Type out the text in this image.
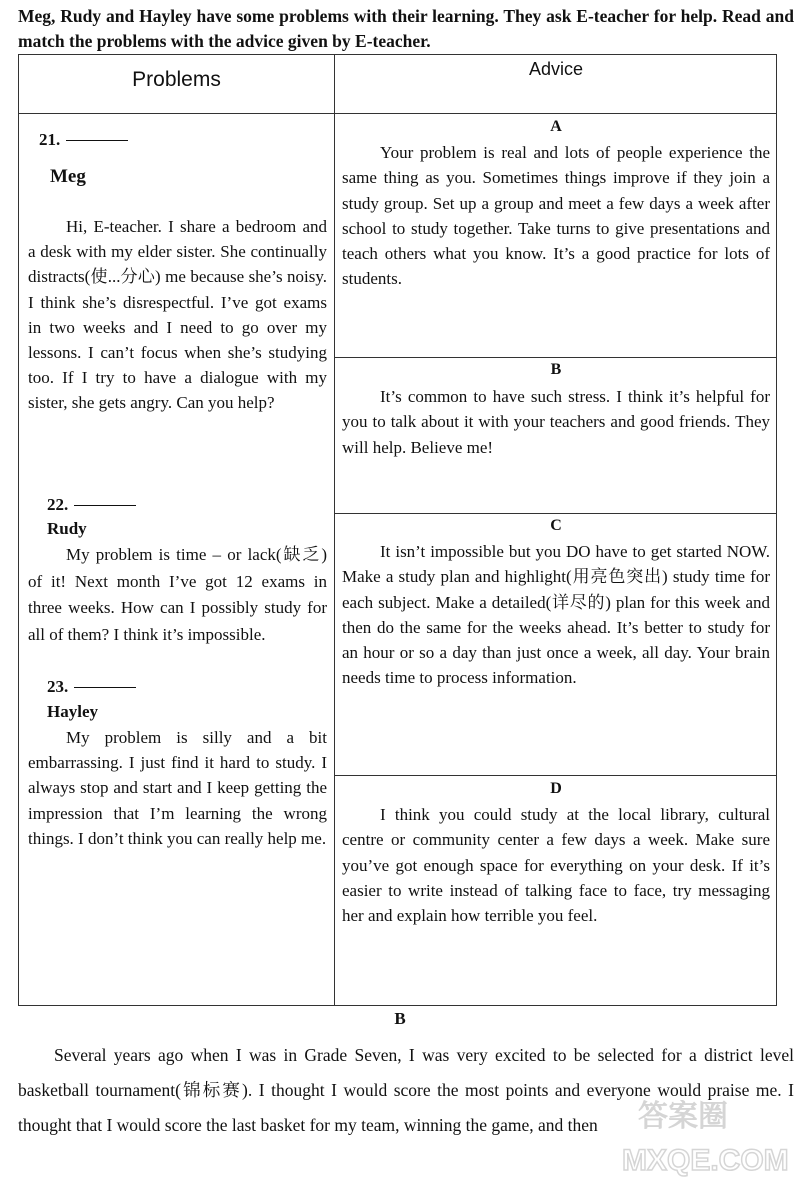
Meg, Rudy and Hayley have some problems with their learning. They ask E-teacher for help. Read and match the problems with the advice given by E-teacher.
Problems	Advice
21.
Meg
Hi, E-teacher. I share a bedroom and a desk with my elder sister. She continually distracts(使...分心) me because she’s noisy. I think she’s disrespectful. I’ve got exams in two weeks and I need to go over my lessons. I can’t focus when she’s studying too. If I try to have a dialogue with my sister, she gets angry. Can you help?
22.
Rudy
My problem is time – or lack(缺乏) of it! Next month I’ve got 12 exams in three weeks. How can I possibly study for all of them? I think it’s impossible.
23.
Hayley
My problem is silly and a bit embarrassing. I just find it hard to study. I always stop and start and I keep getting the impression that I’m learning the wrong things. I don’t think you can really help me.
A
Your problem is real and lots of people experience the same thing as you. Sometimes things improve if they join a study group. Set up a group and meet a few days a week after school to study together. Take turns to give presentations and teach others what you know. It’s a good practice for lots of students.
B
It’s common to have such stress. I think it’s helpful for you to talk about it with your teachers and good friends. They will help. Believe me!
C
It isn’t impossible but you DO have to get started NOW. Make a study plan and highlight(用亮色突出) study time for each subject. Make a detailed(详尽的) plan for this week and then do the same for the weeks ahead. It’s better to study for an hour or so a day than just once a week, all day. Your brain needs time to process information.
D
I think you could study at the local library, cultural centre or community center a few days a week. Make sure you’ve got enough space for everything on your desk. If it’s easier to write instead of talking face to face, try messaging her and explain how terrible you feel.
B
Several years ago when I was in Grade Seven, I was very excited to be selected for a district level basketball tournament(锦标赛). I thought I would score the most points and everyone would praise me. I thought that I would score the last basket for my team, winning the game, and then	答案圈
MXQE.COM
